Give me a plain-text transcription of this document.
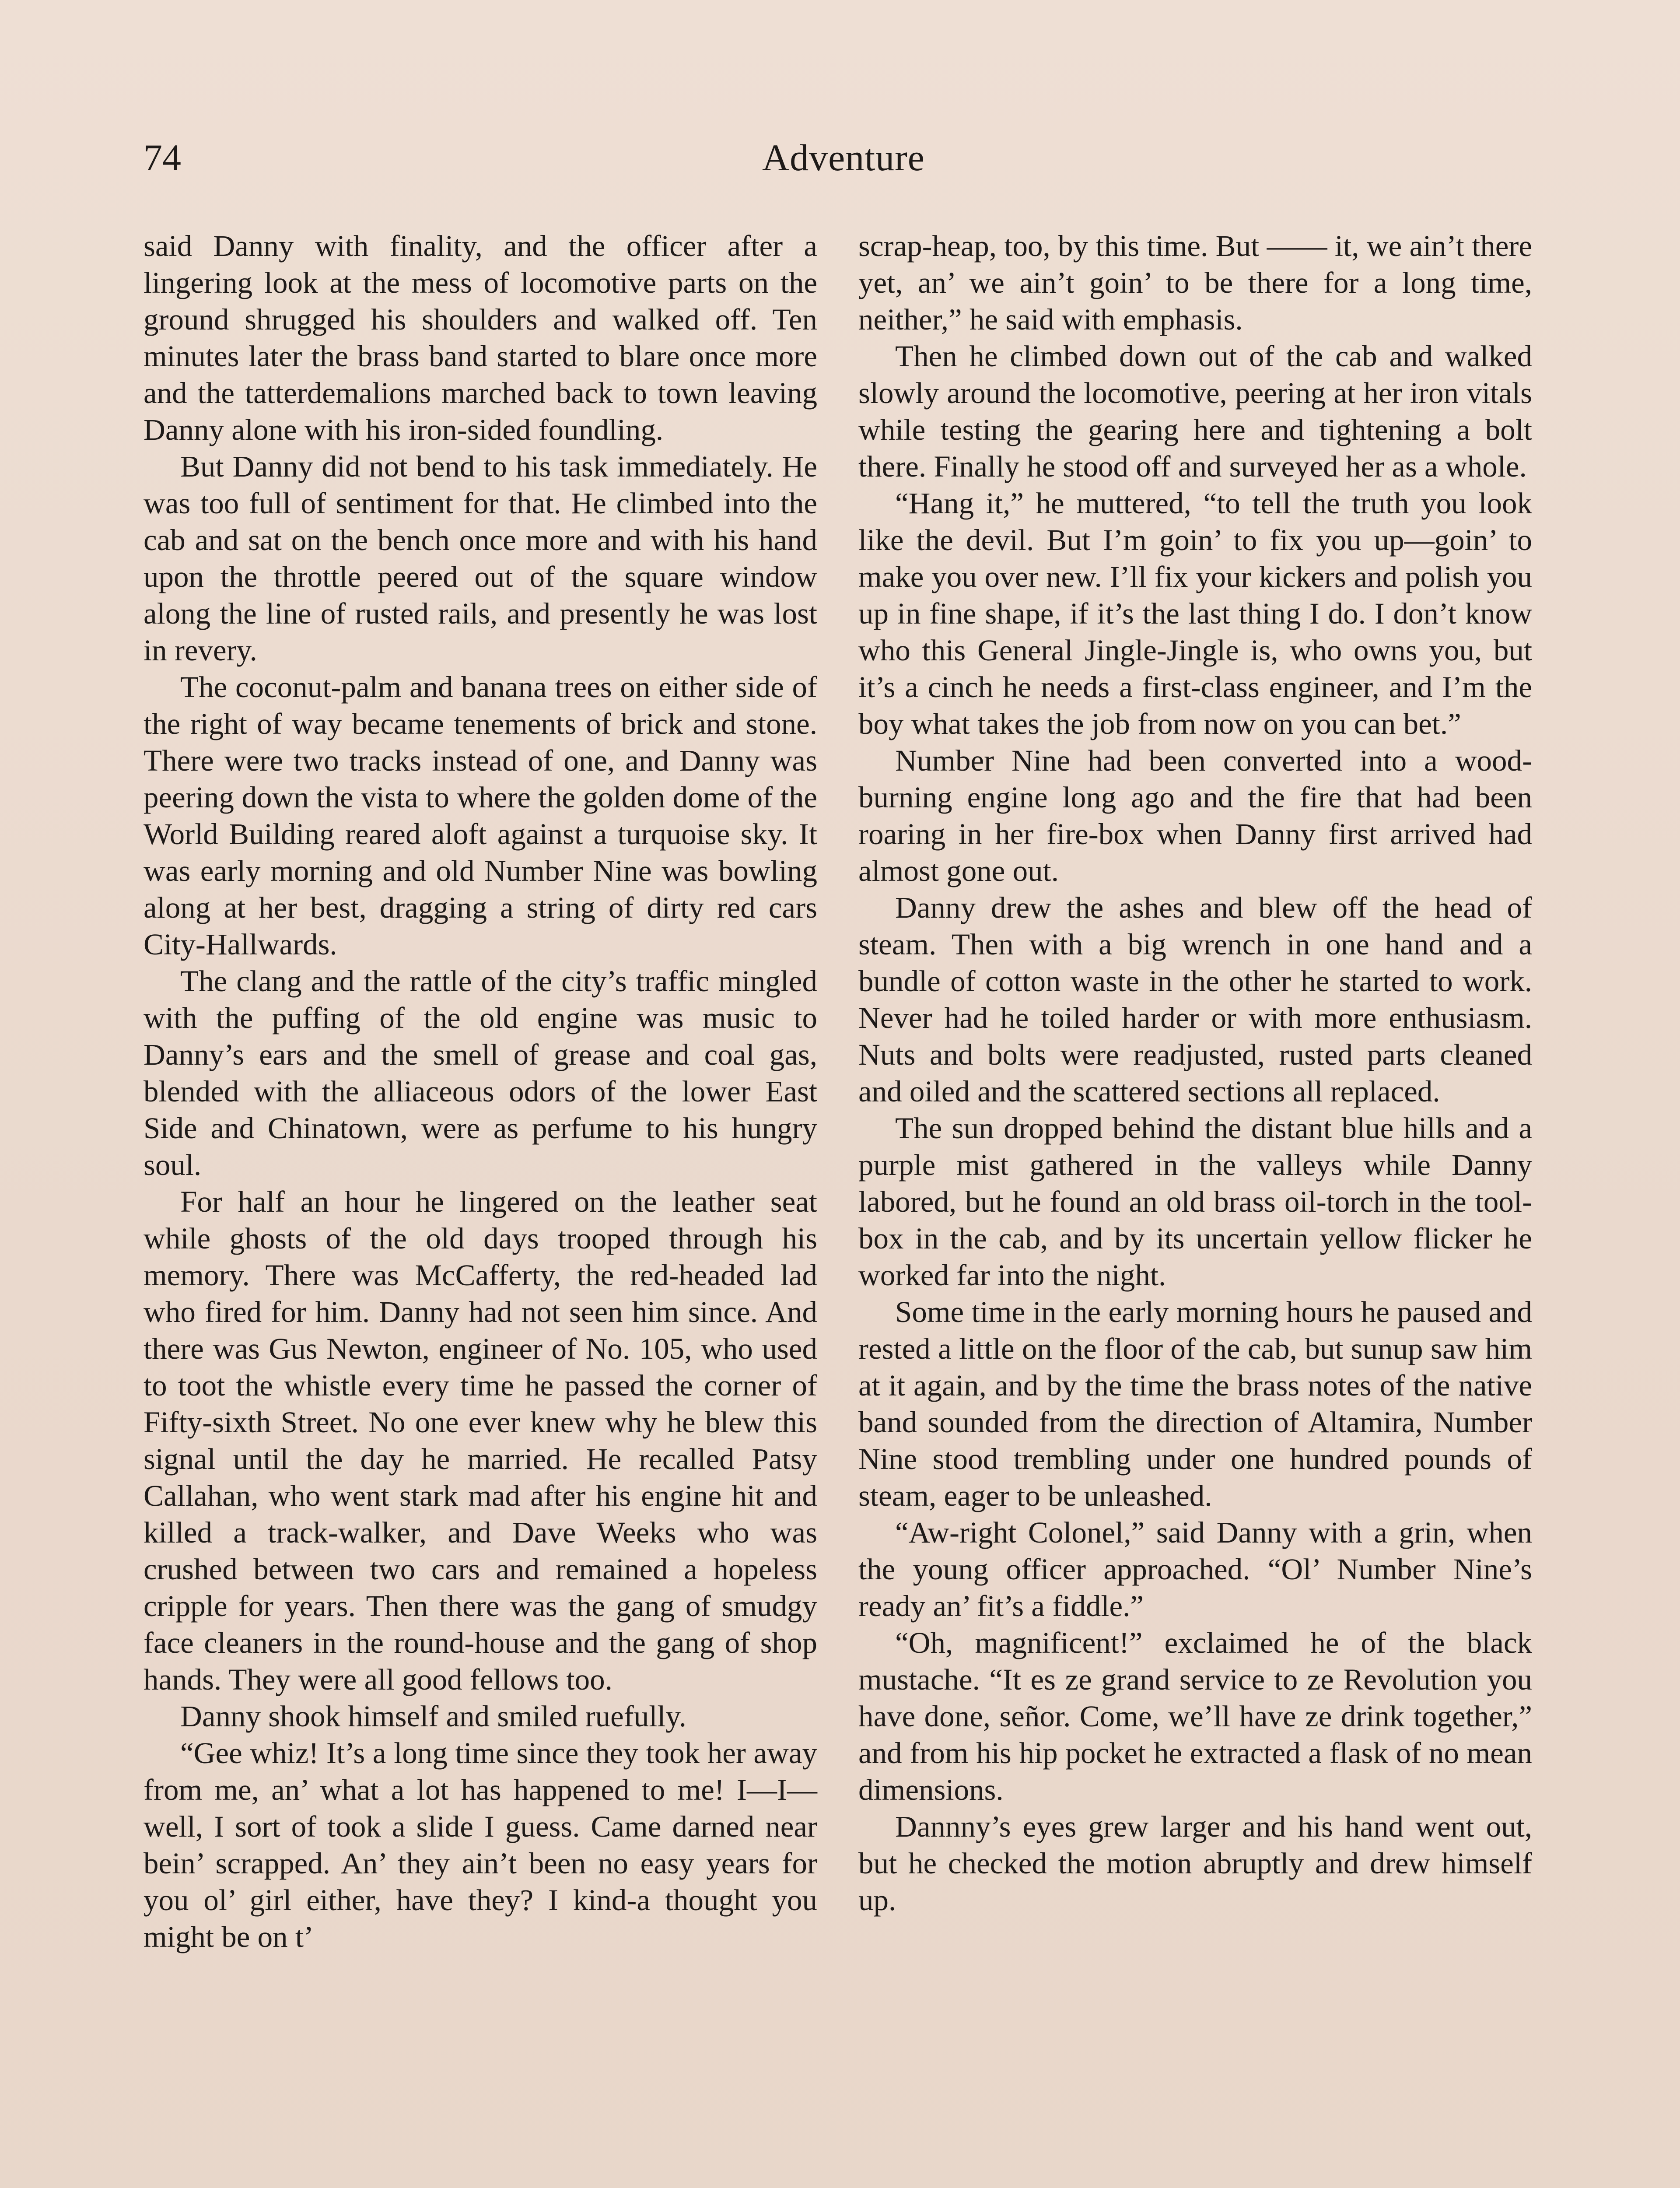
74	Adventure

said Danny with finality, and the officer after a lingering look at the mess of locomotive parts on the ground shrugged his shoulders and walked off. Ten minutes later the brass band started to blare once more and the tatterdemalions marched back to town leaving Danny alone with his iron-sided foundling.

But Danny did not bend to his task immediately. He was too full of sentiment for that. He climbed into the cab and sat on the bench once more and with his hand upon the throttle peered out of the square window along the line of rusted rails, and presently he was lost in revery.

The coconut-palm and banana trees on either side of the right of way became tenements of brick and stone. There were two tracks instead of one, and Danny was peering down the vista to where the golden dome of the World Building reared aloft against a turquoise sky. It was early morning and old Number Nine was bowling along at her best, dragging a string of dirty red cars City-Hallwards.

The clang and the rattle of the city’s traffic mingled with the puffing of the old engine was music to Danny’s ears and the smell of grease and coal gas, blended with the alliaceous odors of the lower East Side and Chinatown, were as perfume to his hungry soul.

For half an hour he lingered on the leather seat while ghosts of the old days trooped through his memory. There was McCafferty, the red-headed lad who fired for him. Danny had not seen him since. And there was Gus Newton, engineer of No. 105, who used to toot the whistle every time he passed the corner of Fifty-sixth Street. No one ever knew why he blew this signal until the day he married. He recalled Patsy Callahan, who went stark mad after his engine hit and killed a track-walker, and Dave Weeks who was crushed between two cars and remained a hopeless cripple for years. Then there was the gang of smudgy face cleaners in the round-house and the gang of shop hands. They were all good fellows too.

Danny shook himself and smiled ruefully.

“Gee whiz! It’s a long time since they took her away from me, an’ what a lot has happened to me! I—I—well, I sort of took a slide I guess. Came darned near bein’ scrapped. An’ they ain’t been no easy years for you ol’ girl either, have they? I kind-a thought you might be on t’

scrap-heap, too, by this time. But —— it, we ain’t there yet, an’ we ain’t goin’ to be there for a long time, neither,” he said with emphasis.

Then he climbed down out of the cab and walked slowly around the locomotive, peering at her iron vitals while testing the gearing here and tightening a bolt there. Finally he stood off and surveyed her as a whole.

“Hang it,” he muttered, “to tell the truth you look like the devil. But I’m goin’ to fix you up—goin’ to make you over new. I’ll fix your kickers and polish you up in fine shape, if it’s the last thing I do. I don’t know who this General Jingle-Jingle is, who owns you, but it’s a cinch he needs a first-class engineer, and I’m the boy what takes the job from now on you can bet.”

Number Nine had been converted into a wood-burning engine long ago and the fire that had been roaring in her fire-box when Danny first arrived had almost gone out.

Danny drew the ashes and blew off the head of steam. Then with a big wrench in one hand and a bundle of cotton waste in the other he started to work. Never had he toiled harder or with more enthusiasm. Nuts and bolts were readjusted, rusted parts cleaned and oiled and the scattered sections all replaced.

The sun dropped behind the distant blue hills and a purple mist gathered in the valleys while Danny labored, but he found an old brass oil-torch in the tool-box in the cab, and by its uncertain yellow flicker he worked far into the night.

Some time in the early morning hours he paused and rested a little on the floor of the cab, but sunup saw him at it again, and by the time the brass notes of the native band sounded from the direction of Altamira, Number Nine stood trembling under one hundred pounds of steam, eager to be unleashed.

“Aw-right Colonel,” said Danny with a grin, when the young officer approached. “Ol’ Number Nine’s ready an’ fit’s a fiddle.”

“Oh, magnificent!” exclaimed he of the black mustache. “It es ze grand service to ze Revolution you have done, señor. Come, we’ll have ze drink together,” and from his hip pocket he extracted a flask of no mean dimensions.

Dannny’s eyes grew larger and his hand went out, but he checked the motion abruptly and drew himself up.
